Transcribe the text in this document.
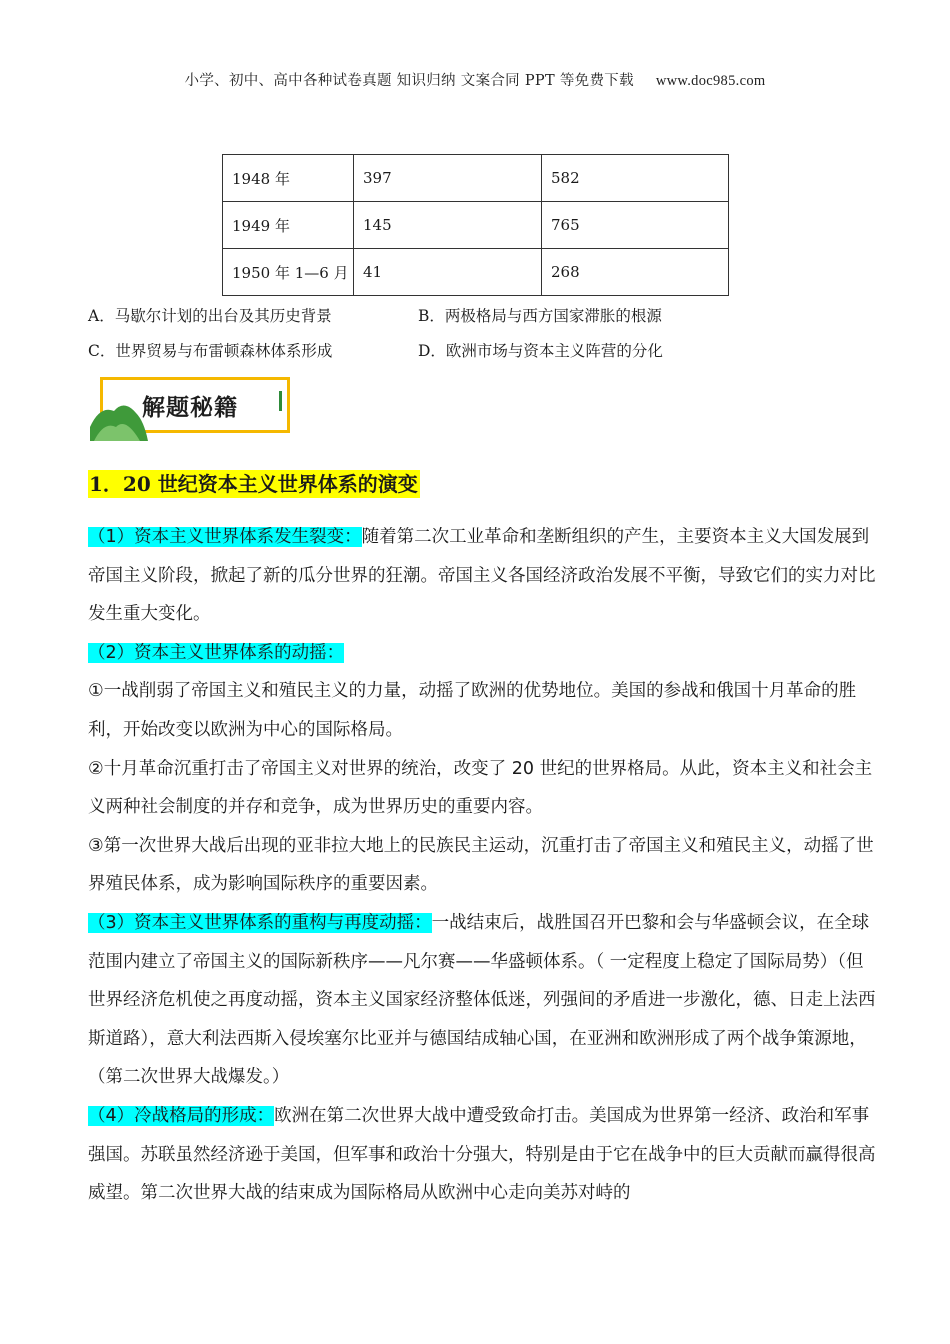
小学、初中、高中各种试卷真题 知识归纳 文案合同 PPT 等免费下载 www.doc985.com
1948 年	397	582
1949 年	145	765
1950 年 1—6 月	41	268
A．马歇尔计划的出台及其历史背景	B．两极格局与西方国家滞胀的根源
C．世界贸易与布雷顿森林体系形成	D．欧洲市场与资本主义阵营的分化
解题秘籍
1．20 世纪资本主义世界体系的演变

（1）资本主义世界体系发生裂变：随着第二次工业革命和垄断组织的产生，主要资本主义大国发展到帝国主义阶段，掀起了新的瓜分世界的狂潮。帝国主义各国经济政治发展不平衡，导致它们的实力对比发生重大变化。

（2）资本主义世界体系的动摇：

①一战削弱了帝国主义和殖民主义的力量，动摇了欧洲的优势地位。美国的参战和俄国十月革命的胜利，开始改变以欧洲为中心的国际格局。

②十月革命沉重打击了帝国主义对世界的统治，改变了 20 世纪的世界格局。从此，资本主义和社会主义两种社会制度的并存和竞争，成为世界历史的重要内容。

③第一次世界大战后出现的亚非拉大地上的民族民主运动，沉重打击了帝国主义和殖民主义，动摇了世界殖民体系，成为影响国际秩序的重要因素。

（3）资本主义世界体系的重构与再度动摇：一战结束后，战胜国召开巴黎和会与华盛顿会议，在全球范围内建立了帝国主义的国际新秩序——凡尔赛——华盛顿体系。（ 一定程度上稳定了国际局势）（但世界经济危机使之再度动摇，资本主义国家经济整体低迷，列强间的矛盾进一步激化，德、日走上法西斯道路），意大利法西斯入侵埃塞尔比亚并与德国结成轴心国，在亚洲和欧洲形成了两个战争策源地，（第二次世界大战爆发。）

（4）冷战格局的形成：欧洲在第二次世界大战中遭受致命打击。美国成为世界第一经济、政治和军事强国。苏联虽然经济逊于美国，但军事和政治十分强大，特别是由于它在战争中的巨大贡献而赢得很高威望。第二次世界大战的结束成为国际格局从欧洲中心走向美苏对峙的
